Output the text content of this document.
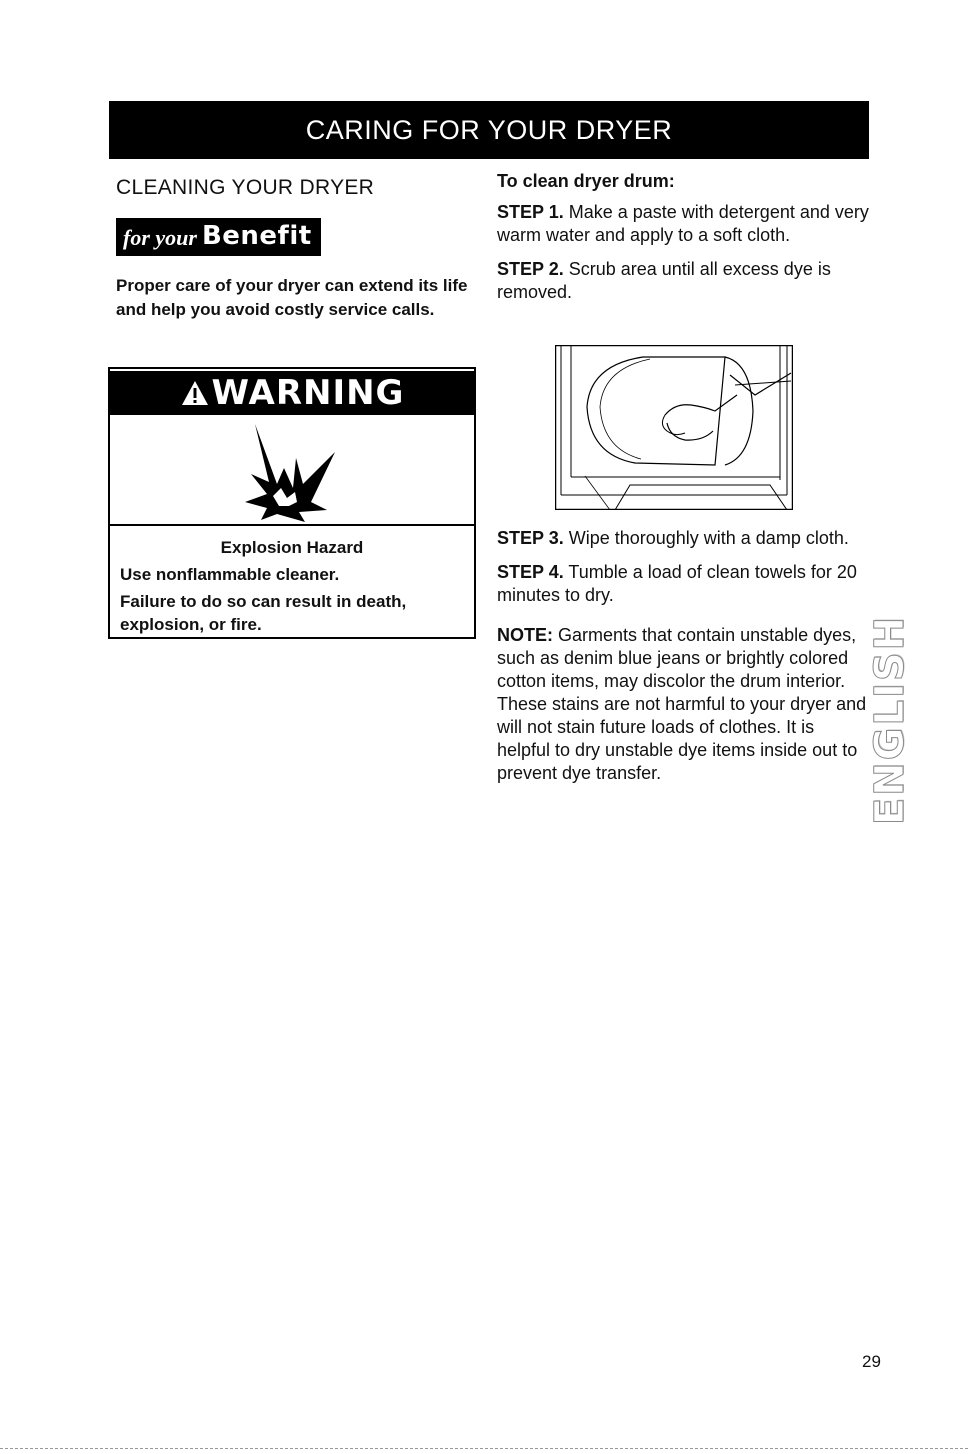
CARING FOR YOUR DRYER
CLEANING YOUR DRYER
for your Benefit
Proper care of your dryer can extend its life and help you avoid costly service calls.
WARNING
Explosion Hazard

Use nonflammable cleaner.

Failure to do so can result in death, explosion, or fire.

To clean dryer drum:

STEP 1. Make a paste with detergent and very warm water and apply to a soft cloth.

STEP 2. Scrub area until all excess dye is removed.

STEP 3. Wipe thoroughly with a damp cloth.

STEP 4. Tumble a load of clean towels for 20 minutes to dry.

NOTE: Garments that contain unstable dyes, such as denim blue jeans or brightly colored cotton items, may discolor the drum interior. These stains are not harmful to your dryer and will not stain future loads of clothes. It is helpful to dry unstable dye items inside out to prevent dye transfer.	ENGLISH
29
